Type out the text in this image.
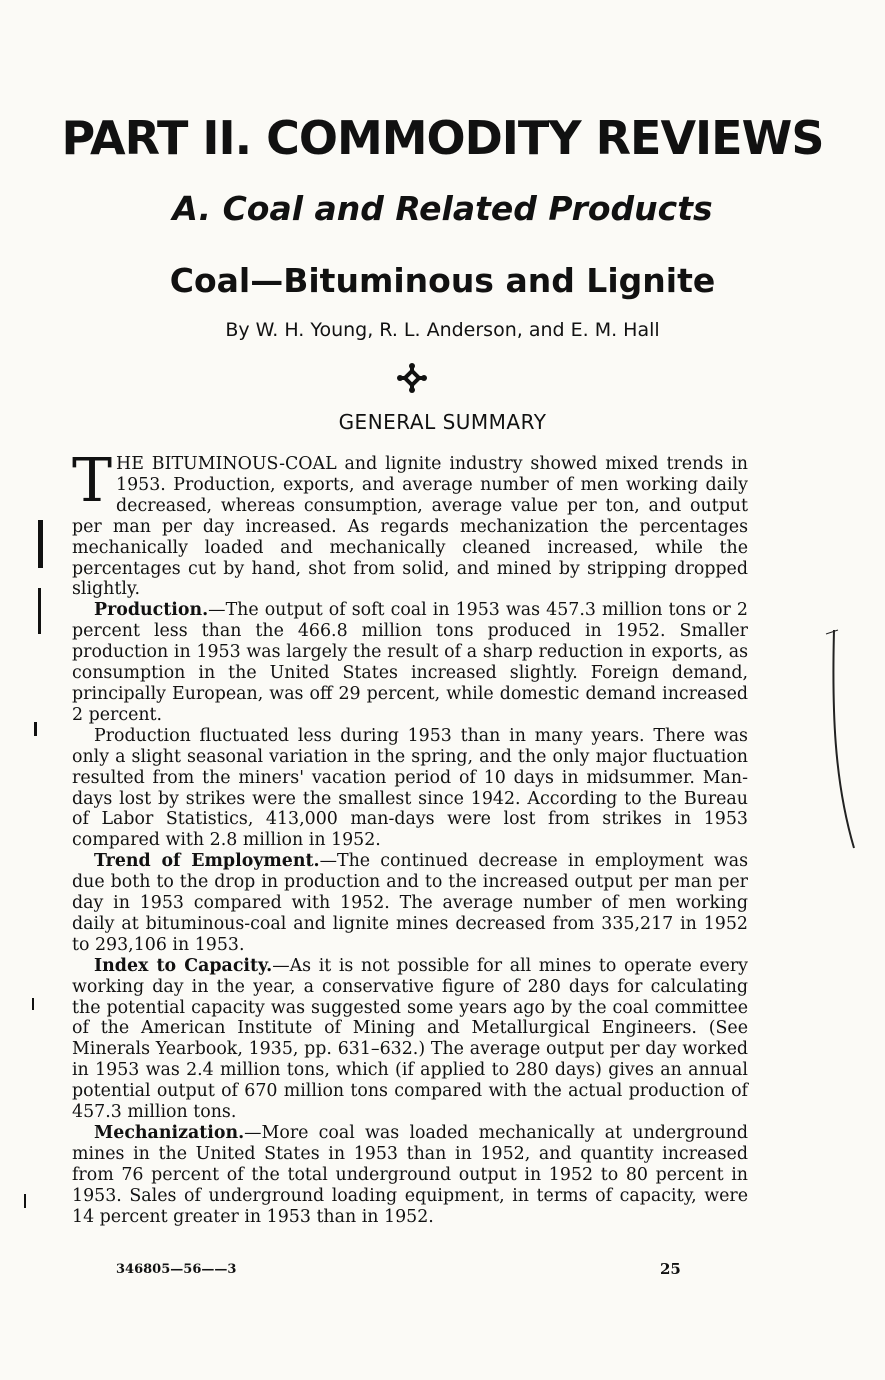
PART II. COMMODITY REVIEWS
A. Coal and Related Products
Coal—Bituminous and Lignite
By W. H. Young, R. L. Anderson, and E. M. Hall
GENERAL SUMMARY

THE BITUMINOUS-COAL and lignite industry showed mixed trends in 1953. Production, exports, and average number of men working daily decreased, whereas consumption, average value per ton, and output per man per day increased. As regards mechanization the percentages mechanically loaded and mechanically cleaned increased, while the percentages cut by hand, shot from solid, and mined by stripping dropped slightly.

Production.—The output of soft coal in 1953 was 457.3 million tons or 2 percent less than the 466.8 million tons produced in 1952. Smaller production in 1953 was largely the result of a sharp reduction in exports, as consumption in the United States increased slightly. Foreign demand, principally European, was off 29 percent, while domestic demand increased 2 percent.

Production fluctuated less during 1953 than in many years. There was only a slight seasonal variation in the spring, and the only major fluctuation resulted from the miners' vacation period of 10 days in midsummer. Man-days lost by strikes were the smallest since 1942. According to the Bureau of Labor Statistics, 413,000 man-days were lost from strikes in 1953 compared with 2.8 million in 1952.

Trend of Employment.—The continued decrease in employment was due both to the drop in production and to the increased output per man per day in 1953 compared with 1952. The average number of men working daily at bituminous-coal and lignite mines decreased from 335,217 in 1952 to 293,106 in 1953.

Index to Capacity.—As it is not possible for all mines to operate every working day in the year, a conservative figure of 280 days for calculating the potential capacity was suggested some years ago by the coal committee of the American Institute of Mining and Metallurgical Engineers. (See Minerals Yearbook, 1935, pp. 631–632.) The average output per day worked in 1953 was 2.4 million tons, which (if applied to 280 days) gives an annual potential output of 670 million tons compared with the actual production of 457.3 million tons.

Mechanization.—More coal was loaded mechanically at underground mines in the United States in 1953 than in 1952, and quantity increased from 76 percent of the total underground output in 1952 to 80 percent in 1953. Sales of underground loading equipment, in terms of capacity, were 14 percent greater in 1953 than in 1952.

346805—56——3	25
